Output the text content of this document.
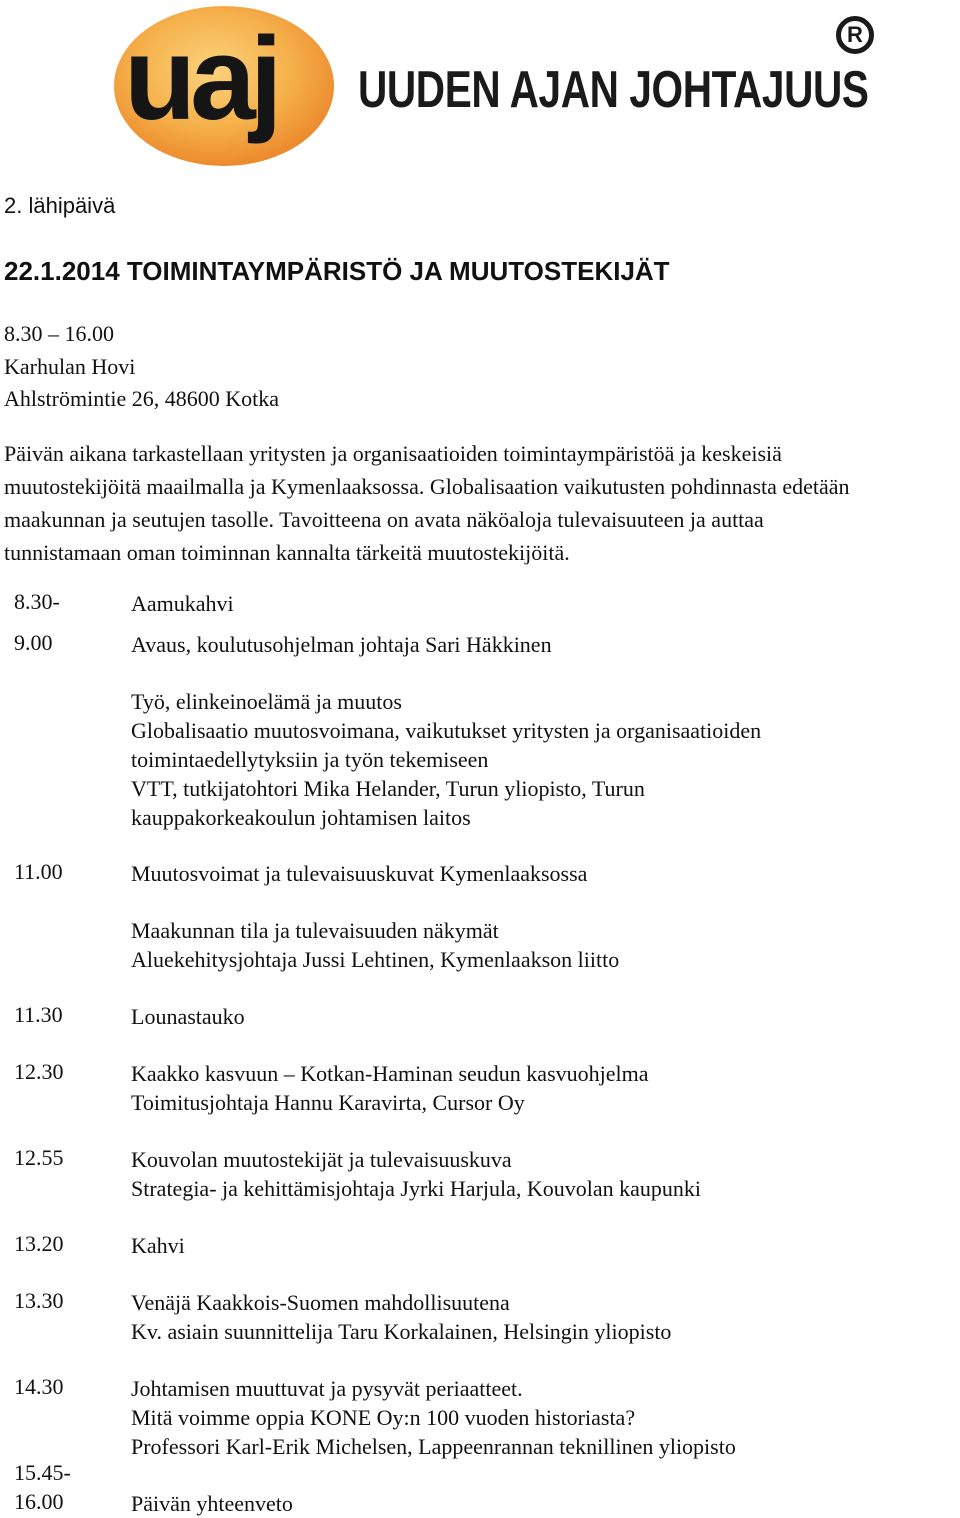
uaj UUDEN AJAN JOHTAJUUS
R
2. lähipäivä
22.1.2014 TOIMINTAYMPÄRISTÖ JA MUUTOSTEKIJÄT
8.30 – 16.00
Karhulan Hovi
Ahlströmintie 26, 48600 Kotka
Päivän aikana tarkastellaan yritysten ja organisaatioiden toimintaympäristöä ja keskeisiä
muutostekijöitä maailmalla ja Kymenlaaksossa. Globalisaation vaikutusten pohdinnasta edetään
maakunnan ja seutujen tasolle. Tavoitteena on avata näköaloja tulevaisuuteen ja auttaa
tunnistamaan oman toiminnan kannalta tärkeitä muutostekijöitä.
8.30-	Aamukahvi
9.00	Avaus, koulutusohjelman johtaja Sari Häkkinen
Työ, elinkeinoelämä ja muutos
Globalisaatio muutosvoimana, vaikutukset yritysten ja organisaatioiden
toimintaedellytyksiin ja työn tekemiseen
VTT, tutkijatohtori Mika Helander, Turun yliopisto, Turun
kauppakorkeakoulun johtamisen laitos
11.00	Muutosvoimat ja tulevaisuuskuvat Kymenlaaksossa
Maakunnan tila ja tulevaisuuden näkymät
Aluekehitysjohtaja Jussi Lehtinen, Kymenlaakson liitto
11.30	Lounastauko
12.30	Kaakko kasvuun – Kotkan-Haminan seudun kasvuohjelma
Toimitusjohtaja Hannu Karavirta, Cursor Oy
12.55	Kouvolan muutostekijät ja tulevaisuuskuva
Strategia- ja kehittämisjohtaja Jyrki Harjula, Kouvolan kaupunki
13.20	Kahvi
13.30	Venäjä Kaakkois-Suomen mahdollisuutena
Kv. asiain suunnittelija Taru Korkalainen, Helsingin yliopisto
14.30	Johtamisen muuttuvat ja pysyvät periaatteet.
Mitä voimme oppia KONE Oy:n 100 vuoden historiasta?
Professori Karl-Erik Michelsen, Lappeenrannan teknillinen yliopisto
15.45-
16.00	Päivän yhteenveto
